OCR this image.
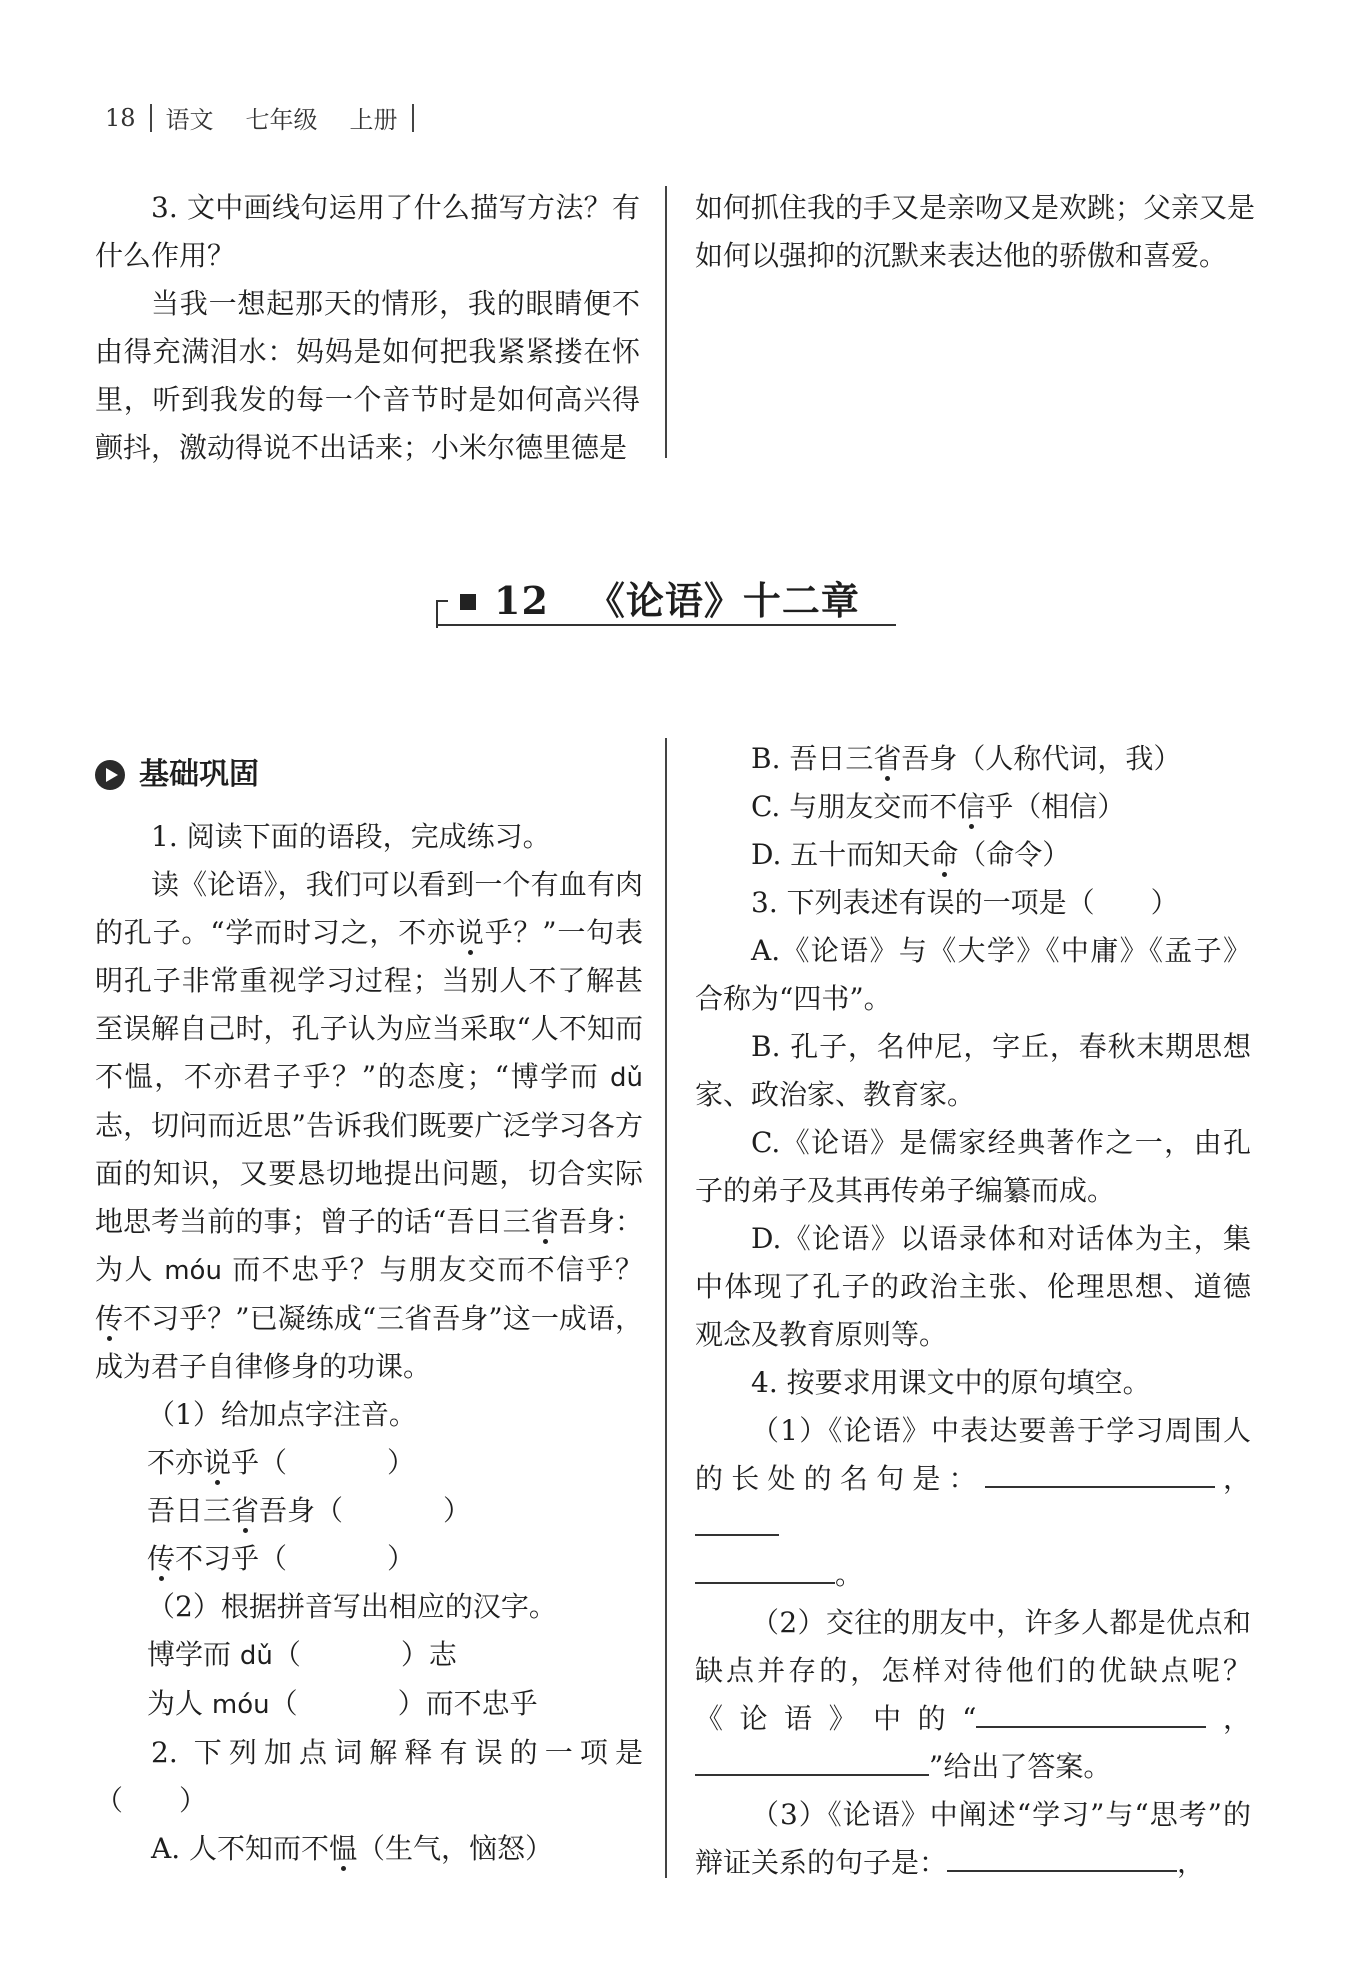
18 语文 七年级 上册

3. 文中画线句运用了什么描写方法？有什么作用？

当我一想起那天的情形，我的眼睛便不由得充满泪水：妈妈是如何把我紧紧搂在怀里，听到我发的每一个音节时是如何高兴得颤抖，激动得说不出话来；小米尔德里德是

如何抓住我的手又是亲吻又是欢跳；父亲又是如何以强抑的沉默来表达他的骄傲和喜爱。

12 《论语》十二章
基础巩固

1. 阅读下面的语段，完成练习。

读《论语》，我们可以看到一个有血有肉的孔子。“学而时习之，不亦说乎？”一句表明孔子非常重视学习过程；当别人不了解甚至误解自己时，孔子认为应当采取“人不知而不愠，不亦君子乎？”的态度；“博学而 dǔ 志，切问而近思”告诉我们既要广泛学习各方面的知识，又要恳切地提出问题，切合实际地思考当前的事；曾子的话“吾日三省吾身：为人 móu 而不忠乎？与朋友交而不信乎？传不习乎？”已凝练成“三省吾身”这一成语，成为君子自律修身的功课。

（1）给加点字注音。

不亦说乎（	）

吾日三省吾身（	）

传不习乎（	）

（2）根据拼音写出相应的汉字。

博学而 dǔ（	）志

为人 móu（	）而不忠乎

2. 下列加点词解释有误的一项是（　　）

A. 人不知而不愠（生气，恼怒）

B. 吾日三省吾身（人称代词，我）

C. 与朋友交而不信乎（相信）

D. 五十而知天命（命令）

3. 下列表述有误的一项是（　　）

A.《论语》与《大学》《中庸》《孟子》合称为“四书”。

B. 孔子，名仲尼，字丘，春秋末期思想家、政治家、教育家。

C.《论语》是儒家经典著作之一，由孔子的弟子及其再传弟子编纂而成。

D.《论语》以语录体和对话体为主，集中体现了孔子的政治主张、伦理思想、道德观念及教育原则等。

4. 按要求用课文中的原句填空。

（1）《论语》中表达要善于学习周围人的长处的名句是：	，
。

（2）交往的朋友中，许多人都是优点和缺点并存的，怎样对待他们的优缺点呢？《论语》中的“	，”给出了答案。

（3）《论语》中阐述“学习”与“思考”的辩证关系的句子是：	，
